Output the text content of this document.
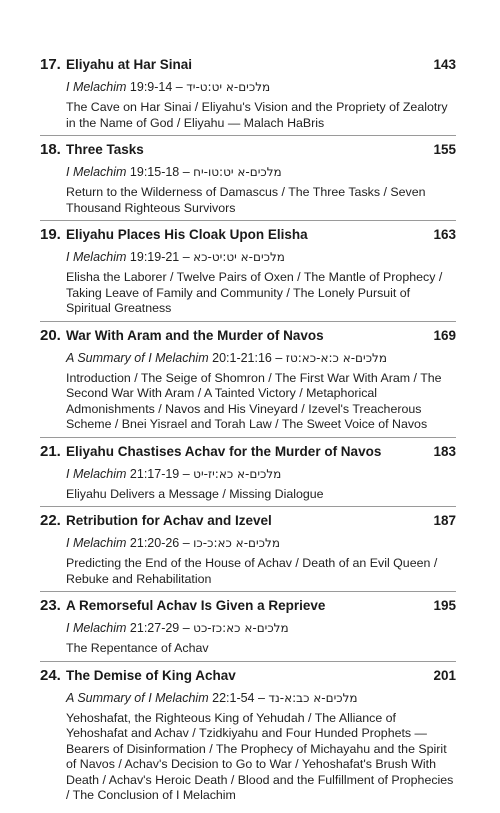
17. Eliyahu at Har Sinai	143
I Melachim 19:9-14 – מלכים-א יט:ט-יד
The Cave on Har Sinai / Eliyahu's Vision and the Propriety of Zealotry in the Name of God / Eliyahu — Malach HaBris
18. Three Tasks	155
I Melachim 19:15-18 – מלכים-א יט:טו-יח
Return to the Wilderness of Damascus / The Three Tasks / Seven Thousand Righteous Survivors
19. Eliyahu Places His Cloak Upon Elisha	163
I Melachim 19:19-21 – מלכים-א יט:יט-כא
Elisha the Laborer / Twelve Pairs of Oxen / The Mantle of Prophecy / Taking Leave of Family and Community / The Lonely Pursuit of Spiritual Greatness
20. War With Aram and the Murder of Navos	169
A Summary of I Melachim 20:1-21:16 – מלכים-א כ:א-כא:טז
Introduction / The Seige of Shomron / The First War With Aram / The Second War With Aram / A Tainted Victory / Metaphorical Admonishments / Navos and His Vineyard / Izevel's Treacherous Scheme / Bnei Yisrael and Torah Law / The Sweet Voice of Navos
21. Eliyahu Chastises Achav for the Murder of Navos	183
I Melachim 21:17-19 – מלכים-א כא:יז-יט
Eliyahu Delivers a Message / Missing Dialogue
22. Retribution for Achav and Izevel	187
I Melachim 21:20-26 – מלכים-א כא:כ-כו
Predicting the End of the House of Achav / Death of an Evil Queen / Rebuke and Rehabilitation
23. A Remorseful Achav Is Given a Reprieve	195
I Melachim 21:27-29 – מלכים-א כא:כז-כט
The Repentance of Achav
24. The Demise of King Achav	201
A Summary of I Melachim 22:1-54 – מלכים-א כב:א-נד
Yehoshafat, the Righteous King of Yehudah / The Alliance of Yehoshafat and Achav / Tzidkiyahu and Four Hunded Prophets — Bearers of Disinformation / The Prophecy of Michayahu and the Spirit of Navos / Achav's Decision to Go to War / Yehoshafat's Brush With Death / Achav's Heroic Death / Blood and the Fulfillment of Prophecies / The Conclusion of I Melachim
